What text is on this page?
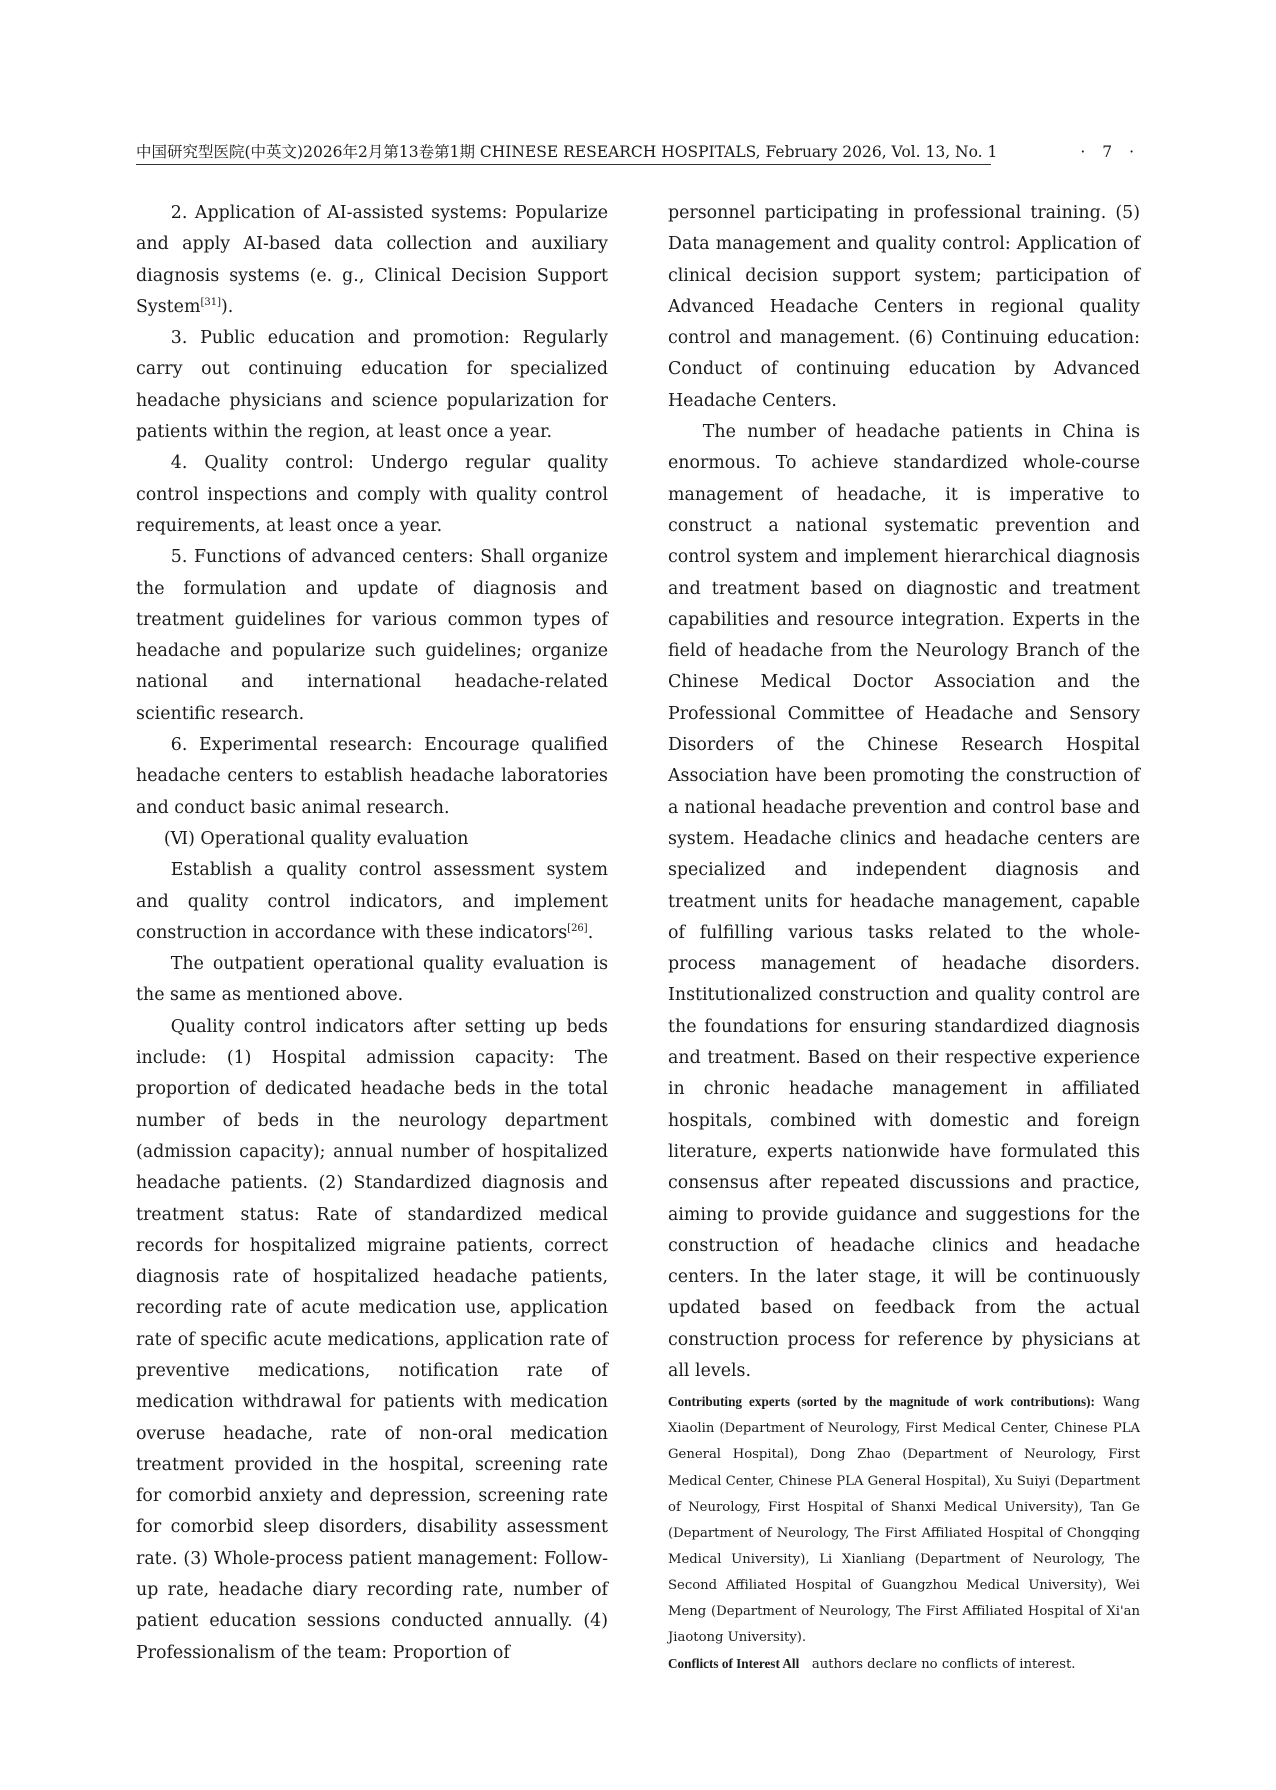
中国研究型医院(中英文)2026年2月第13卷第1期 CHINESE RESEARCH HOSPITALS, February 2026, Vol. 13, No. 1	· 7 ·

2. Application of AI-assisted systems: Popularize and apply AI-based data collection and auxiliary diagnosis systems (e. g., Clinical Decision Support System[31]).

3. Public education and promotion: Regularly carry out continuing education for specialized headache physicians and science popularization for patients within the region, at least once a year.

4. Quality control: Undergo regular quality control inspections and comply with quality control requirements, at least once a year.

5. Functions of advanced centers: Shall organize the formulation and update of diagnosis and treatment guidelines for various common types of headache and popularize such guidelines; organize national and international headache-related scientific research.

6. Experimental research: Encourage qualified headache centers to establish headache laboratories and conduct basic animal research.

(Ⅵ) Operational quality evaluation

Establish a quality control assessment system and quality control indicators, and implement construction in accordance with these indicators[26].

The outpatient operational quality evaluation is the same as mentioned above.

Quality control indicators after setting up beds include: (1) Hospital admission capacity: The proportion of dedicated headache beds in the total number of beds in the neurology department (admission capacity); annual number of hospitalized headache patients. (2) Standardized diagnosis and treatment status: Rate of standardized medical records for hospitalized migraine patients, correct diagnosis rate of hospitalized headache patients, recording rate of acute medication use, application rate of specific acute medications, application rate of preventive medications, notification rate of medication withdrawal for patients with medication overuse headache, rate of non-oral medication treatment provided in the hospital, screening rate for comorbid anxiety and depression, screening rate for comorbid sleep disorders, disability assessment rate. (3) Whole-process patient management: Follow-up rate, headache diary recording rate, number of patient education sessions conducted annually. (4) Professionalism of the team: Proportion of

personnel participating in professional training. (5) Data management and quality control: Application of clinical decision support system; participation of Advanced Headache Centers in regional quality control and management. (6) Continuing education: Conduct of continuing education by Advanced Headache Centers.

The number of headache patients in China is enormous. To achieve standardized whole-course management of headache, it is imperative to construct a national systematic prevention and control system and implement hierarchical diagnosis and treatment based on diagnostic and treatment capabilities and resource integration. Experts in the field of headache from the Neurology Branch of the Chinese Medical Doctor Association and the Professional Committee of Headache and Sensory Disorders of the Chinese Research Hospital Association have been promoting the construction of a national headache prevention and control base and system. Headache clinics and headache centers are specialized and independent diagnosis and treatment units for headache management, capable of fulfilling various tasks related to the whole-process management of headache disorders. Institutionalized construction and quality control are the foundations for ensuring standardized diagnosis and treatment. Based on their respective experience in chronic headache management in affiliated hospitals, combined with domestic and foreign literature, experts nationwide have formulated this consensus after repeated discussions and practice, aiming to provide guidance and suggestions for the construction of headache clinics and headache centers. In the later stage, it will be continuously updated based on feedback from the actual construction process for reference by physicians at all levels.

Contributing experts (sorted by the magnitude of work contributions): Wang Xiaolin (Department of Neurology, First Medical Center, Chinese PLA General Hospital), Dong Zhao (Department of Neurology, First Medical Center, Chinese PLA General Hospital), Xu Suiyi (Department of Neurology, First Hospital of Shanxi Medical University), Tan Ge (Department of Neurology, The First Affiliated Hospital of Chongqing Medical University), Li Xianliang (Department of Neurology, The Second Affiliated Hospital of Guangzhou Medical University), Wei Meng (Department of Neurology, The First Affiliated Hospital of Xi'an Jiaotong University).
Conflicts of Interest All authors declare no conflicts of interest.
